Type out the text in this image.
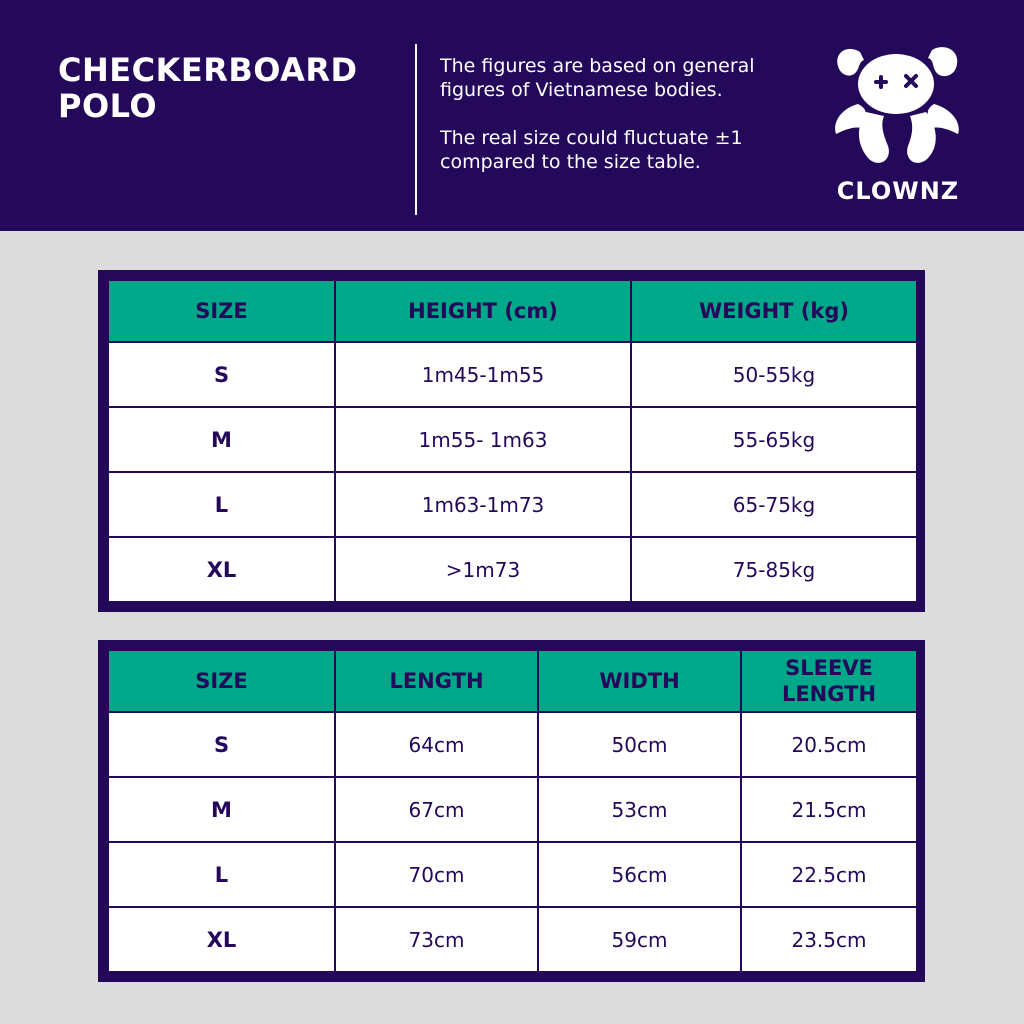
CHECKERBOARD
POLO

The figures are based on general figures of Vietnamese bodies.

The real size could fluctuate ±1 compared to the size table.

CLOWNZ
SIZE	HEIGHT (cm)	WEIGHT (kg)
S	1m45-1m55	50-55kg
M	1m55- 1m63	55-65kg
L	1m63-1m73	65-75kg
XL	>1m73	75-85kg
SIZE	LENGTH	WIDTH	SLEEVE LENGTH
S	64cm	50cm	20.5cm
M	67cm	53cm	21.5cm
L	70cm	56cm	22.5cm
XL	73cm	59cm	23.5cm
